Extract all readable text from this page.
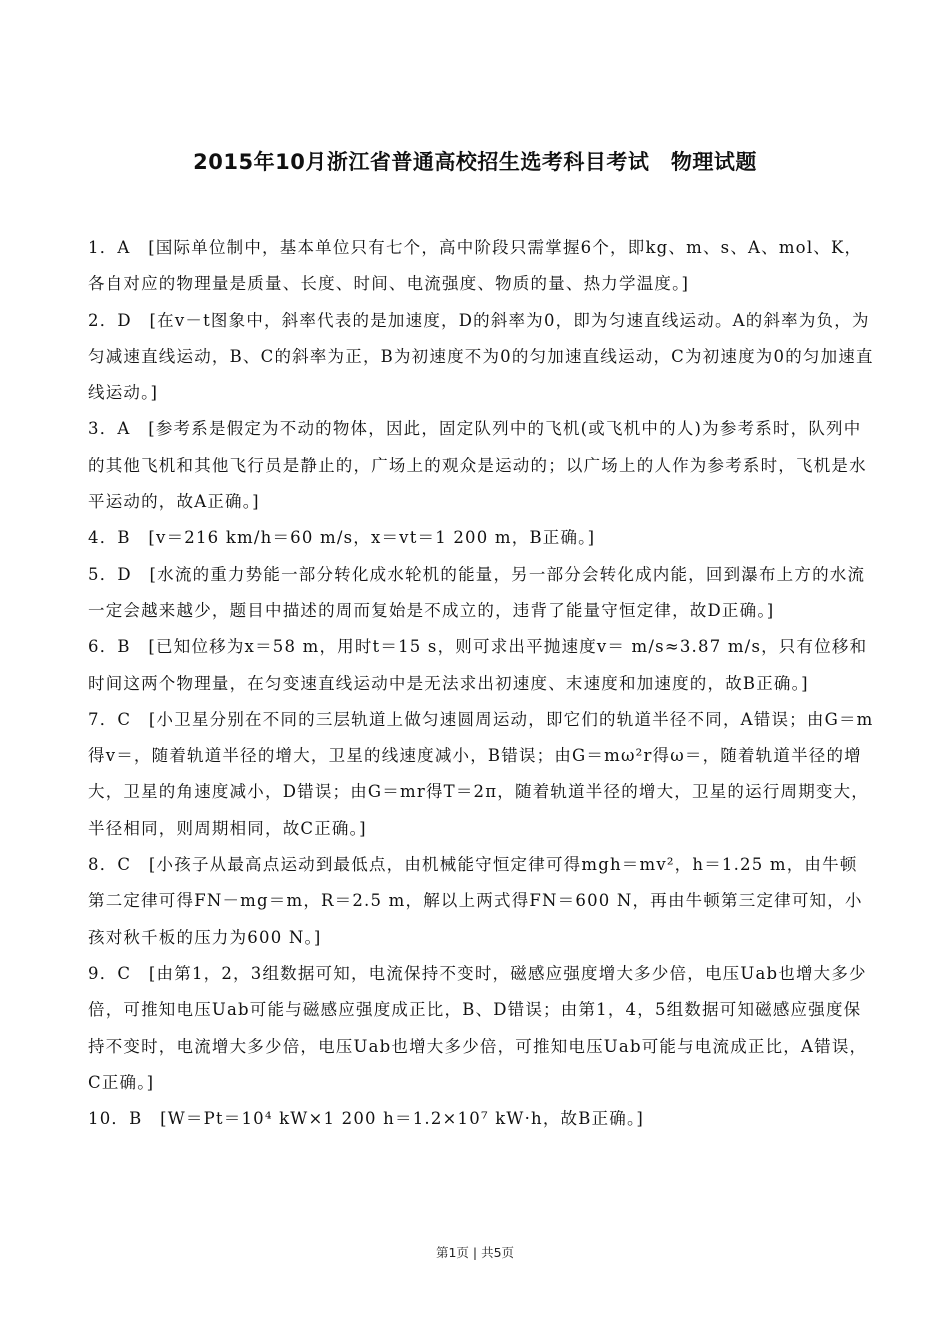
2015年10月浙江省普通高校招生选考科目考试　物理试题

1．A　[国际单位制中，基本单位只有七个，高中阶段只需掌握6个，即kg、m、s、A、mol、K，各自对应的物理量是质量、长度、时间、电流强度、物质的量、热力学温度。]

2．D　[在v－t图象中，斜率代表的是加速度，D的斜率为0，即为匀速直线运动。A的斜率为负，为匀减速直线运动，B、C的斜率为正，B为初速度不为0的匀加速直线运动，C为初速度为0的匀加速直线运动。]

3．A　[参考系是假定为不动的物体，因此，固定队列中的飞机(或飞机中的人)为参考系时，队列中的其他飞机和其他飞行员是静止的，广场上的观众是运动的；以广场上的人作为参考系时，飞机是水平运动的，故A正确。]

4．B　[v＝216 km/h＝60 m/s，x＝vt＝1 200 m，B正确。]

5．D　[水流的重力势能一部分转化成水轮机的能量，另一部分会转化成内能，回到瀑布上方的水流一定会越来越少，题目中描述的周而复始是不成立的，违背了能量守恒定律，故D正确。]

6．B　[已知位移为x＝58 m，用时t＝15 s，则可求出平抛速度v＝ m/s≈3.87 m/s，只有位移和时间这两个物理量，在匀变速直线运动中是无法求出初速度、末速度和加速度的，故B正确。]

7．C　[小卫星分别在不同的三层轨道上做匀速圆周运动，即它们的轨道半径不同，A错误；由G＝m得v＝，随着轨道半径的增大，卫星的线速度减小，B错误；由G＝mω²r得ω＝，随着轨道半径的增大，卫星的角速度减小，D错误；由G＝mr得T＝2π，随着轨道半径的增大，卫星的运行周期变大，半径相同，则周期相同，故C正确。]

8．C　[小孩子从最高点运动到最低点，由机械能守恒定律可得mgh＝mv²，h＝1.25 m，由牛顿第二定律可得FN－mg＝m，R＝2.5 m，解以上两式得FN＝600 N，再由牛顿第三定律可知，小孩对秋千板的压力为600 N。]

9．C　[由第1，2，3组数据可知，电流保持不变时，磁感应强度增大多少倍，电压Uab也增大多少倍，可推知电压Uab可能与磁感应强度成正比，B、D错误；由第1，4，5组数据可知磁感应强度保持不变时，电流增大多少倍，电压Uab也增大多少倍，可推知电压Uab可能与电流成正比，A错误，C正确。]

10．B　[W＝Pt＝10⁴ kW×1 200 h＝1.2×10⁷ kW·h，故B正确。]

第1页 | 共5页
